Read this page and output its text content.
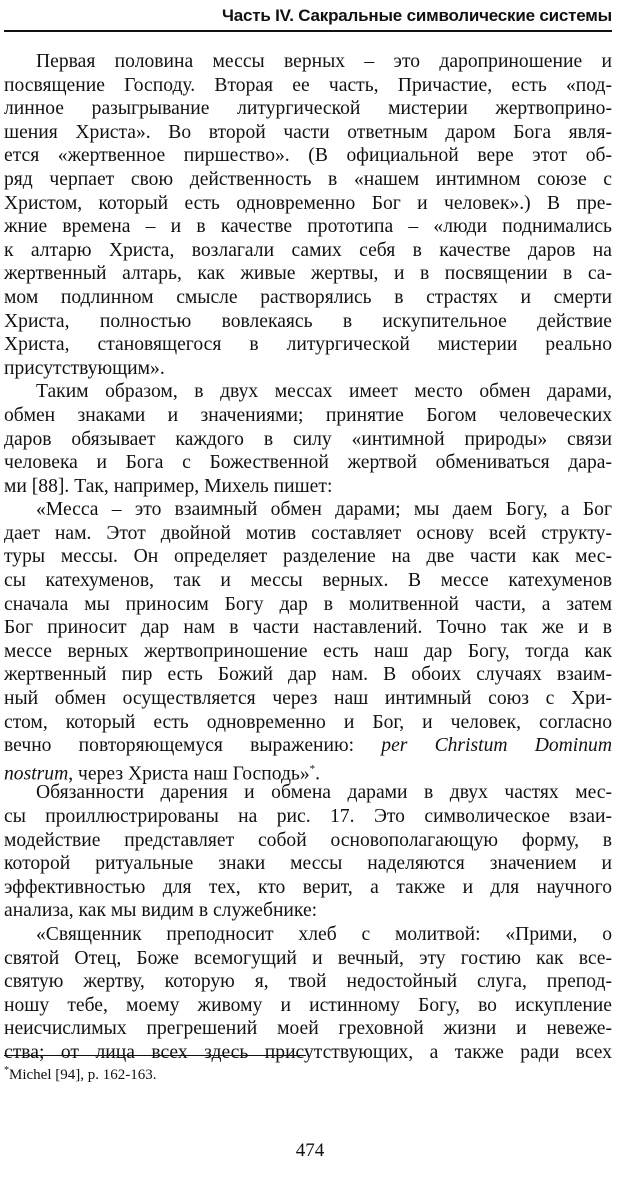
Часть IV. Сакральные символические системы
Первая половина мессы верных – это дароприношение и
посвящение Господу. Вторая ее часть, Причастие, есть «под-
линное разыгрывание литургической мистерии жертвоприно-
шения Христа». Во второй части ответным даром Бога явля-
ется «жертвенное пиршество». (В официальной вере этот об-
ряд черпает свою действенность в «нашем интимном союзе с
Христом, который есть одновременно Бог и человек».) В пре-
жние времена – и в качестве прототипа – «люди поднимались
к алтарю Христа, возлагали самих себя в качестве даров на
жертвенный алтарь, как живые жертвы, и в посвящении в са-
мом подлинном смысле растворялись в страстях и смерти
Христа, полностью вовлекаясь в искупительное действие
Христа, становящегося в литургической мистерии реально
присутствующим».
Таким образом, в двух мессах имеет место обмен дарами,
обмен знаками и значениями; принятие Богом человеческих
даров обязывает каждого в силу «интимной природы» связи
человека и Бога с Божественной жертвой обмениваться дара-
ми [88]. Так, например, Михель пишет:
«Месса – это взаимный обмен дарами; мы даем Богу, а Бог
дает нам. Этот двойной мотив составляет основу всей структу-
туры мессы. Он определяет разделение на две части как мес-
сы катехуменов, так и мессы верных. В мессе катехуменов
сначала мы приносим Богу дар в молитвенной части, а затем
Бог приносит дар нам в части наставлений. Точно так же и в
мессе верных жертвоприношение есть наш дар Богу, тогда как
жертвенный пир есть Божий дар нам. В обоих случаях взаим-
ный обмен осуществляется через наш интимный союз с Хри-
стом, который есть одновременно и Бог, и человек, согласно
вечно повторяющемуся выражению: per Christum Dominum
nostrum, через Христа наш Господь»*.
Обязанности дарения и обмена дарами в двух частях мес-
сы проиллюстрированы на рис. 17. Это символическое взаи-
модействие представляет собой основополагающую форму, в
которой ритуальные знаки мессы наделяются значением и
эффективностью для тех, кто верит, а также и для научного
анализа, как мы видим в служебнике:
«Священник преподносит хлеб с молитвой: «Прими, о
святой Отец, Боже всемогущий и вечный, эту гостию как все-
святую жертву, которую я, твой недостойный слуга, препод-
ношу тебе, моему живому и истинному Богу, во искупление
неисчислимых прегрешений моей греховной жизни и невеже-
ства; от лица всех здесь присутствующих, а также ради всех
*Michel [94], p. 162-163.
474
